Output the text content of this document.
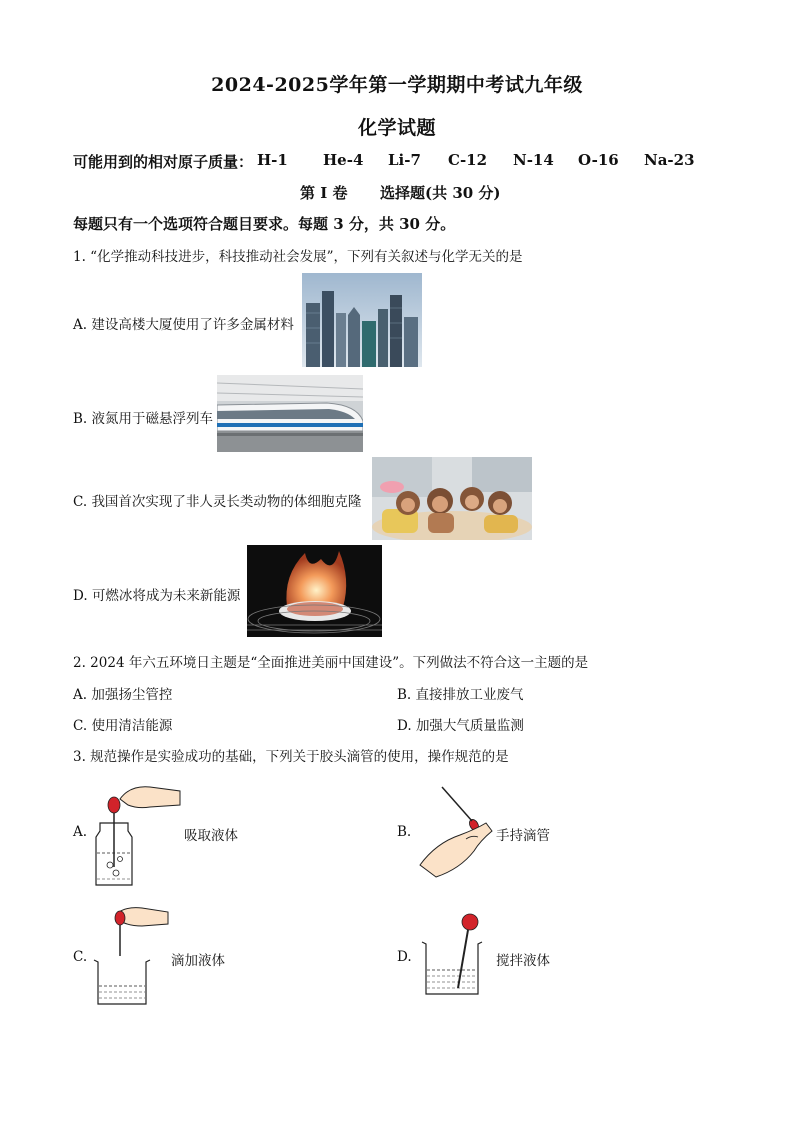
2024-2025学年第一学期期中考试九年级
化学试题
可能用到的相对原子质量： H-1 He-4 Li-7 C-12 N-14 O-16 Na-23
第 I 卷 选择题(共 30 分)
每题只有一个选项符合题目要求。每题 3 分，共 30 分。
1. “化学推动科技进步，科技推动社会发展”，下列有关叙述与化学无关的是
A. 建设高楼大厦使用了许多金属材料
B. 液氮用于磁悬浮列车
C. 我国首次实现了非人灵长类动物的体细胞克隆
D. 可燃冰将成为未来新能源
2. 2024 年六五环境日主题是“全面推进美丽中国建设”。下列做法不符合这一主题的是
A. 加强扬尘管控	B. 直接排放工业废气
C. 使用清洁能源	D. 加强大气质量监测
3. 规范操作是实验成功的基础，下列关于胶头滴管的使用，操作规范的是
A.	吸取液体	B.	手持滴管
C.	滴加液体	D.	搅拌液体
